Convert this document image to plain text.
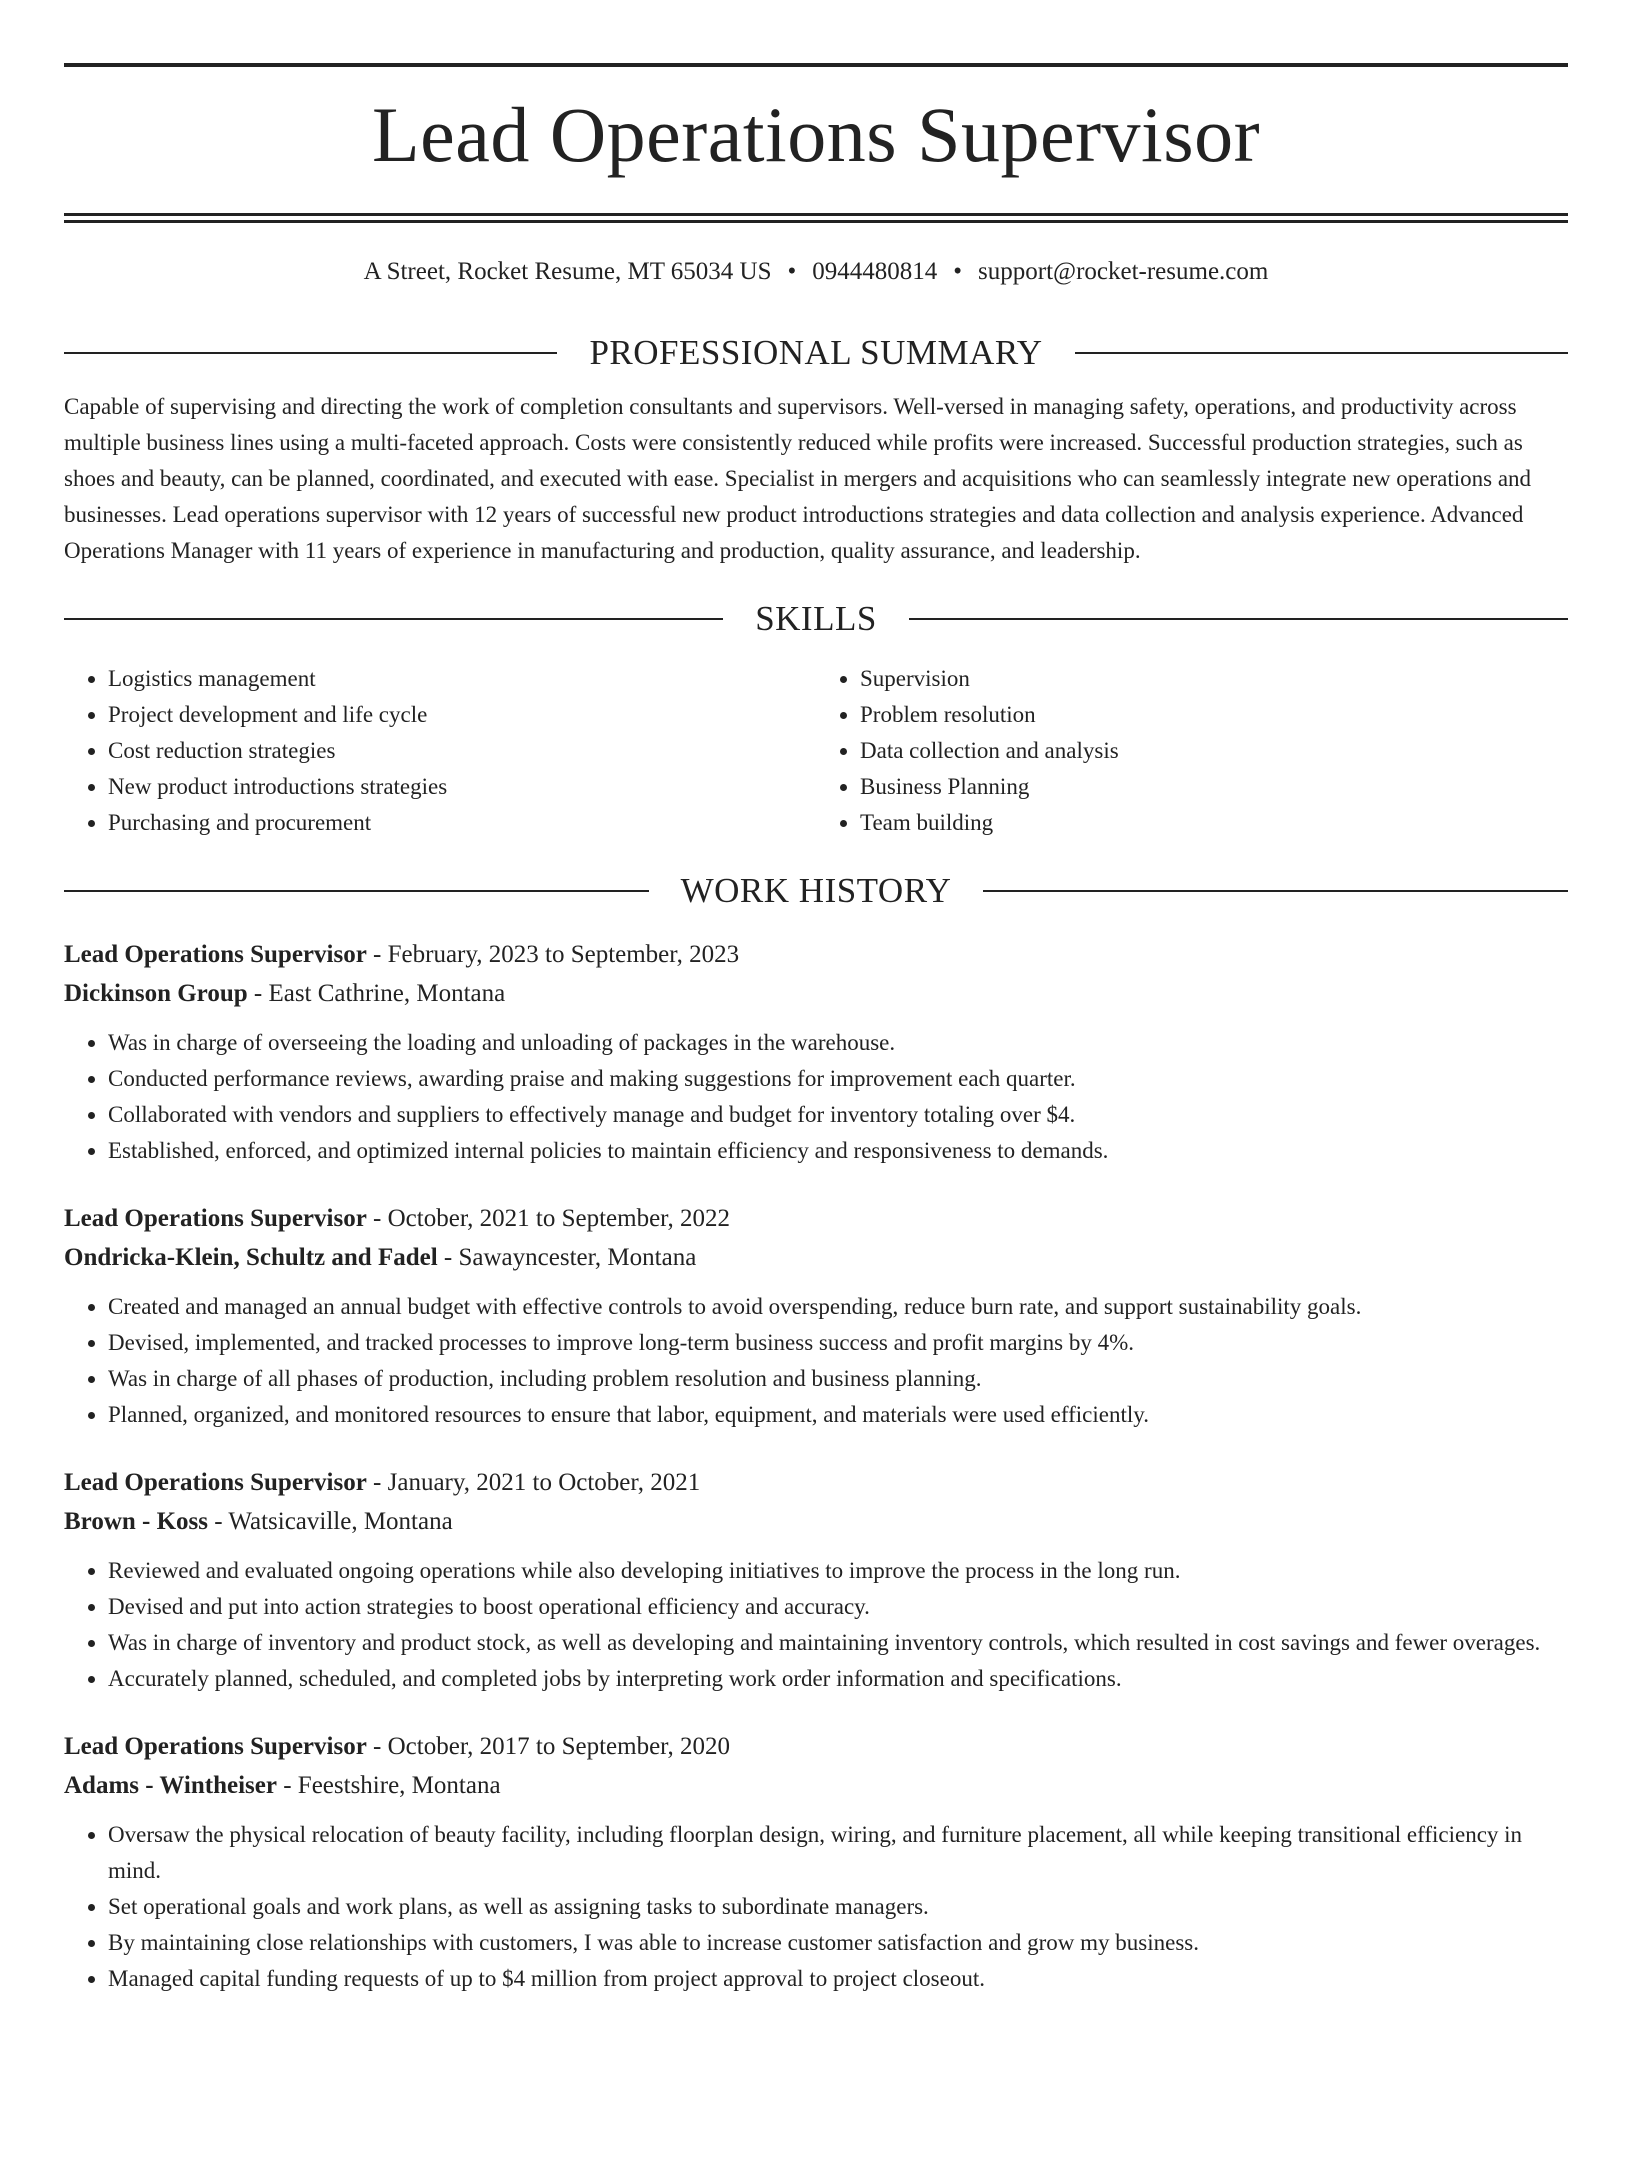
Lead Operations Supervisor
A Street, Rocket Resume, MT 65034 US • 0944480814 • support@rocket-resume.com
PROFESSIONAL SUMMARY
Capable of supervising and directing the work of completion consultants and supervisors. Well-versed in managing safety, operations, and productivity across multiple business lines using a multi-faceted approach. Costs were consistently reduced while profits were increased. Successful production strategies, such as shoes and beauty, can be planned, coordinated, and executed with ease. Specialist in mergers and acquisitions who can seamlessly integrate new operations and businesses. Lead operations supervisor with 12 years of successful new product introductions strategies and data collection and analysis experience. Advanced Operations Manager with 11 years of experience in manufacturing and production, quality assurance, and leadership.
SKILLS
• Logistics management
• Project development and life cycle
• Cost reduction strategies
• New product introductions strategies
• Purchasing and procurement
• Supervision
• Problem resolution
• Data collection and analysis
• Business Planning
• Team building
WORK HISTORY
Lead Operations Supervisor - February, 2023 to September, 2023
Dickinson Group - East Cathrine, Montana
• Was in charge of overseeing the loading and unloading of packages in the warehouse.
• Conducted performance reviews, awarding praise and making suggestions for improvement each quarter.
• Collaborated with vendors and suppliers to effectively manage and budget for inventory totaling over $4.
• Established, enforced, and optimized internal policies to maintain efficiency and responsiveness to demands.
Lead Operations Supervisor - October, 2021 to September, 2022
Ondricka-Klein, Schultz and Fadel - Sawayncester, Montana
• Created and managed an annual budget with effective controls to avoid overspending, reduce burn rate, and support sustainability goals.
• Devised, implemented, and tracked processes to improve long-term business success and profit margins by 4%.
• Was in charge of all phases of production, including problem resolution and business planning.
• Planned, organized, and monitored resources to ensure that labor, equipment, and materials were used efficiently.
Lead Operations Supervisor - January, 2021 to October, 2021
Brown - Koss - Watsicaville, Montana
• Reviewed and evaluated ongoing operations while also developing initiatives to improve the process in the long run.
• Devised and put into action strategies to boost operational efficiency and accuracy.
• Was in charge of inventory and product stock, as well as developing and maintaining inventory controls, which resulted in cost savings and fewer overages.
• Accurately planned, scheduled, and completed jobs by interpreting work order information and specifications.
Lead Operations Supervisor - October, 2017 to September, 2020
Adams - Wintheiser - Feestshire, Montana
• Oversaw the physical relocation of beauty facility, including floorplan design, wiring, and furniture placement, all while keeping transitional efficiency in mind.
• Set operational goals and work plans, as well as assigning tasks to subordinate managers.
• By maintaining close relationships with customers, I was able to increase customer satisfaction and grow my business.
• Managed capital funding requests of up to $4 million from project approval to project closeout.
